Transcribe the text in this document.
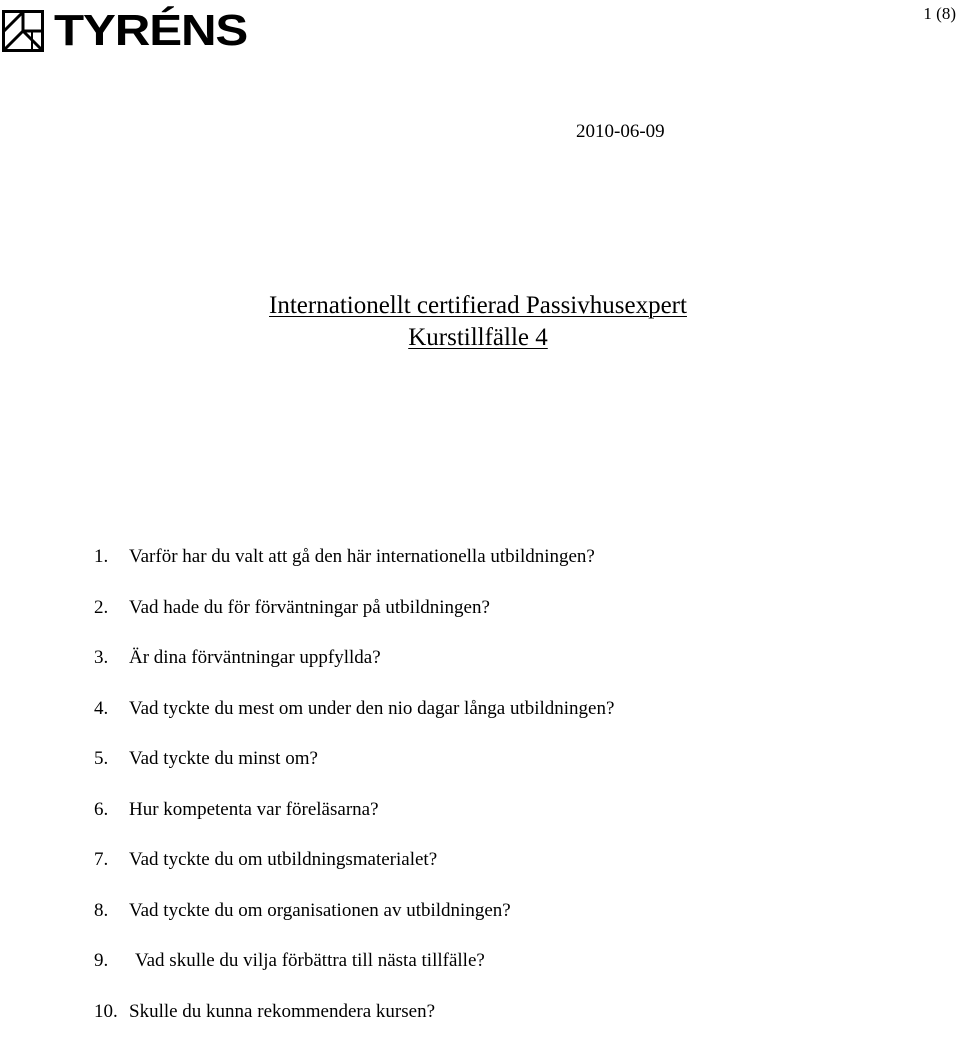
TYRÉNS	1 (8)
2010-06-09
Internationellt certifierad Passivhusexpert
Kurstillfälle 4
1.	Varför har du valt att gå den här internationella utbildningen?
2.	Vad hade du för förväntningar på utbildningen?
3.	Är dina förväntningar uppfyllda?
4.	Vad tyckte du mest om under den nio dagar långa utbildningen?
5.	Vad tyckte du minst om?
6.	Hur kompetenta var föreläsarna?
7.	Vad tyckte du om utbildningsmaterialet?
8.	Vad tyckte du om organisationen av utbildningen?
9.	Vad skulle du vilja förbättra till nästa tillfälle?
10. Skulle du kunna rekommendera kursen?
